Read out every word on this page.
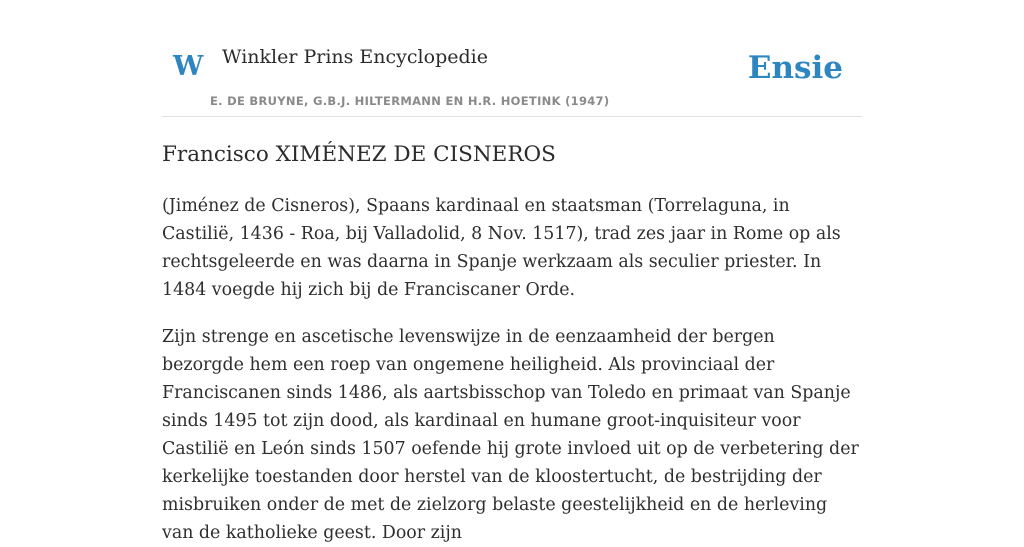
W Winkler Prins Encyclopedie
E. DE BRUYNE, G.B.J. HILTERMANN EN H.R. HOETINK (1947)
Ensie
Francisco XIMÉNEZ DE CISNEROS

(Jiménez de Cisneros), Spaans kardinaal en staatsman (Torrelaguna, in Castilië, 1436 - Roa, bij Valladolid, 8 Nov. 1517), trad zes jaar in Rome op als rechtsgeleerde en was daarna in Spanje werkzaam als seculier priester. In 1484 voegde hij zich bij de Franciscaner Orde.

Zijn strenge en ascetische levenswijze in de eenzaamheid der bergen bezorgde hem een roep van ongemene heiligheid. Als provinciaal der Franciscanen sinds 1486, als aartsbisschop van Toledo en primaat van Spanje sinds 1495 tot zijn dood, als kardinaal en humane groot-inquisiteur voor Castilië en León sinds 1507 oefende hij grote invloed uit op de verbetering der kerkelijke toestanden door herstel van de kloostertucht, de bestrijding der misbruiken onder de met de zielzorg belaste geestelijkheid en de herleving van de katholieke geest. Door zijn
